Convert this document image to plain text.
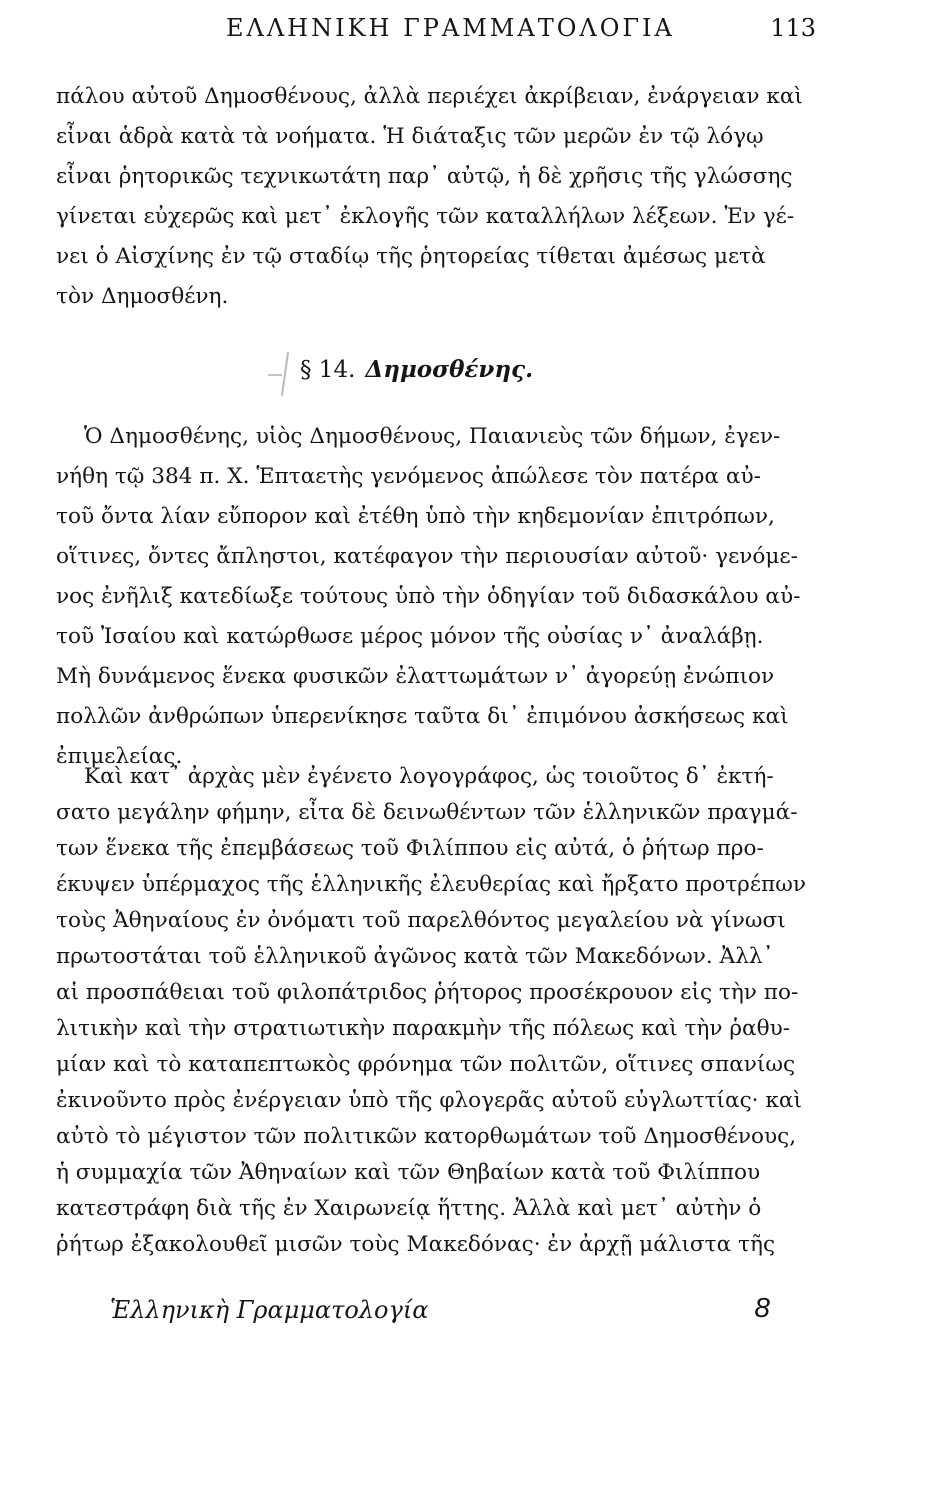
ΕΛΛΗΝΙΚΗ ΓΡΑΜΜΑΤΟΛΟΓΙΑ	113
πάλου αὐτοῦ Δημοσθένους, ἀλλὰ περιέχει ἀκρίβειαν, ἐνάργειαν καὶ
εἶναι ἁδρὰ κατὰ τὰ νοήματα. Ἡ διάταξις τῶν μερῶν ἐν τῷ λόγῳ
εἶναι ῥητορικῶς τεχνικωτάτη παρ᾽ αὐτῷ, ἡ δὲ χρῆσις τῆς γλώσσης
γίνεται εὐχερῶς καὶ μετ᾽ ἐκλογῆς τῶν καταλλήλων λέξεων. Ἐν γέ-
νει ὁ Αἰσχίνης ἐν τῷ σταδίῳ τῆς ῥητορείας τίθεται ἀμέσως μετὰ
τὸν Δημοσθένη.
§ 14. Δημοσθένης.
Ὁ Δημοσθένης, υἱὸς Δημοσθένους, Παιανιεὺς τῶν δήμων, ἐγεν-
νήθη τῷ 384 π. Χ. Ἑπταετὴς γενόμενος ἀπώλεσε τὸν πατέρα αὐ-
τοῦ ὄντα λίαν εὔπορον καὶ ἐτέθη ὑπὸ τὴν κηδεμονίαν ἐπιτρόπων,
οἵτινες, ὄντες ἄπληστοι, κατέφαγον τὴν περιουσίαν αὐτοῦ· γενόμε-
νος ἐνῆλιξ κατεδίωξε τούτους ὑπὸ τὴν ὁδηγίαν τοῦ διδασκάλου αὐ-
τοῦ Ἰσαίου καὶ κατώρθωσε μέρος μόνον τῆς οὐσίας ν᾽ ἀναλάβῃ.
Μὴ δυνάμενος ἕνεκα φυσικῶν ἐλαττωμάτων ν᾽ ἀγορεύῃ ἐνώπιον
πολλῶν ἀνθρώπων ὑπερενίκησε ταῦτα δι᾽ ἐπιμόνου ἀσκήσεως καὶ
ἐπιμελείας.
Καὶ κατ᾽ ἀρχὰς μὲν ἐγένετο λογογράφος, ὡς τοιοῦτος δ᾽ ἐκτή-
σατο μεγάλην φήμην, εἶτα δὲ δεινωθέντων τῶν ἑλληνικῶν πραγμά-
των ἕνεκα τῆς ἐπεμβάσεως τοῦ Φιλίππου εἰς αὐτά, ὁ ῥήτωρ προ-
έκυψεν ὑπέρμαχος τῆς ἑλληνικῆς ἐλευθερίας καὶ ἤρξατο προτρέπων
τοὺς Ἀθηναίους ἐν ὀνόματι τοῦ παρελθόντος μεγαλείου νὰ γίνωσι
πρωτοστάται τοῦ ἑλληνικοῦ ἀγῶνος κατὰ τῶν Μακεδόνων. Ἀλλ᾽
αἱ προσπάθειαι τοῦ φιλοπάτριδος ῥήτορος προσέκρουον εἰς τὴν πο-
λιτικὴν καὶ τὴν στρατιωτικὴν παρακμὴν τῆς πόλεως καὶ τὴν ῥαθυ-
μίαν καὶ τὸ καταπεπτωκὸς φρόνημα τῶν πολιτῶν, οἵτινες σπανίως
ἐκινοῦντο πρὸς ἐνέργειαν ὑπὸ τῆς φλογερᾶς αὐτοῦ εὐγλωττίας· καὶ
αὐτὸ τὸ μέγιστον τῶν πολιτικῶν κατορθωμάτων τοῦ Δημοσθένους,
ἡ συμμαχία τῶν Ἀθηναίων καὶ τῶν Θηβαίων κατὰ τοῦ Φιλίππου
κατεστράφη διὰ τῆς ἐν Χαιρωνείᾳ ἥττης. Ἀλλὰ καὶ μετ᾽ αὐτὴν ὁ
ῥήτωρ ἐξακολουθεῖ μισῶν τοὺς Μακεδόνας· ἐν ἀρχῇ μάλιστα τῆς
Ἑλληνικὴ Γραμματολογία	8
